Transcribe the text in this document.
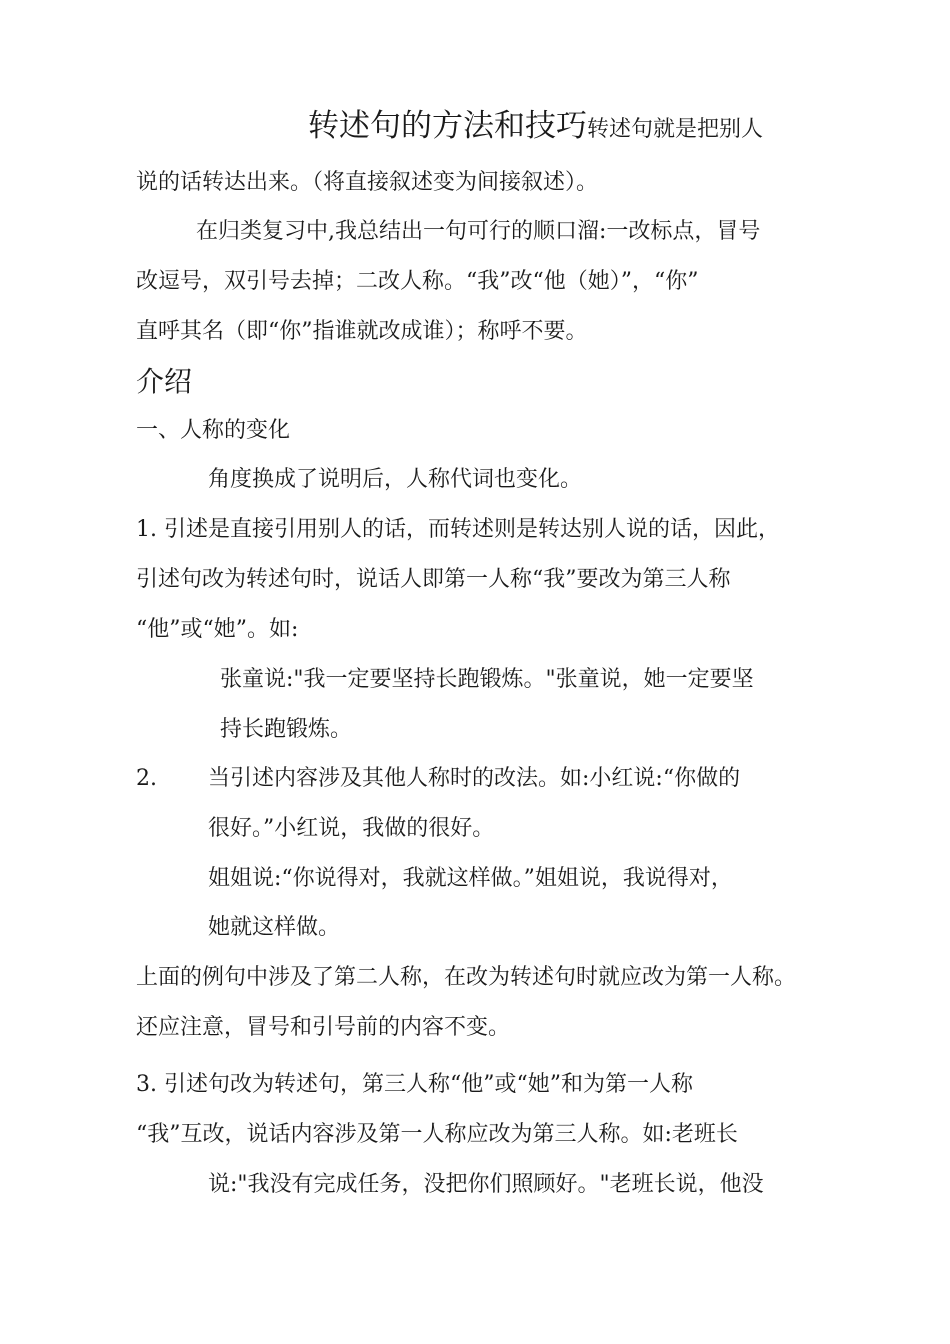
转述句的方法和技巧转述句就是把别人
说的话转达出来。（将直接叙述变为间接叙述）。
在归类复习中,我总结出一句可行的顺口溜:一改标点，冒号
改逗号，双引号去掉；二改人称。“我”改“他（她）”，“你”
直呼其名（即“你”指谁就改成谁）；称呼不要。
介绍
一、人称的变化
角度换成了说明后，人称代词也变化。
1. 引述是直接引用别人的话，而转述则是转达别人说的话，因此，
引述句改为转述句时，说话人即第一人称“我”要改为第三人称
“他”或“她”。如:
张童说:"我一定要坚持长跑锻炼。"张童说，她一定要坚
持长跑锻炼。
2. 当引述内容涉及其他人称时的改法。如:小红说:“你做的
很好。”小红说，我做的很好。
姐姐说:“你说得对，我就这样做。”姐姐说，我说得对，
她就这样做。
上面的例句中涉及了第二人称，在改为转述句时就应改为第一人称。
还应注意，冒号和引号前的内容不变。
3. 引述句改为转述句，第三人称“他”或“她”和为第一人称
“我”互改，说话内容涉及第一人称应改为第三人称。如:老班长
说:"我没有完成任务，没把你们照顾好。"老班长说，他没
